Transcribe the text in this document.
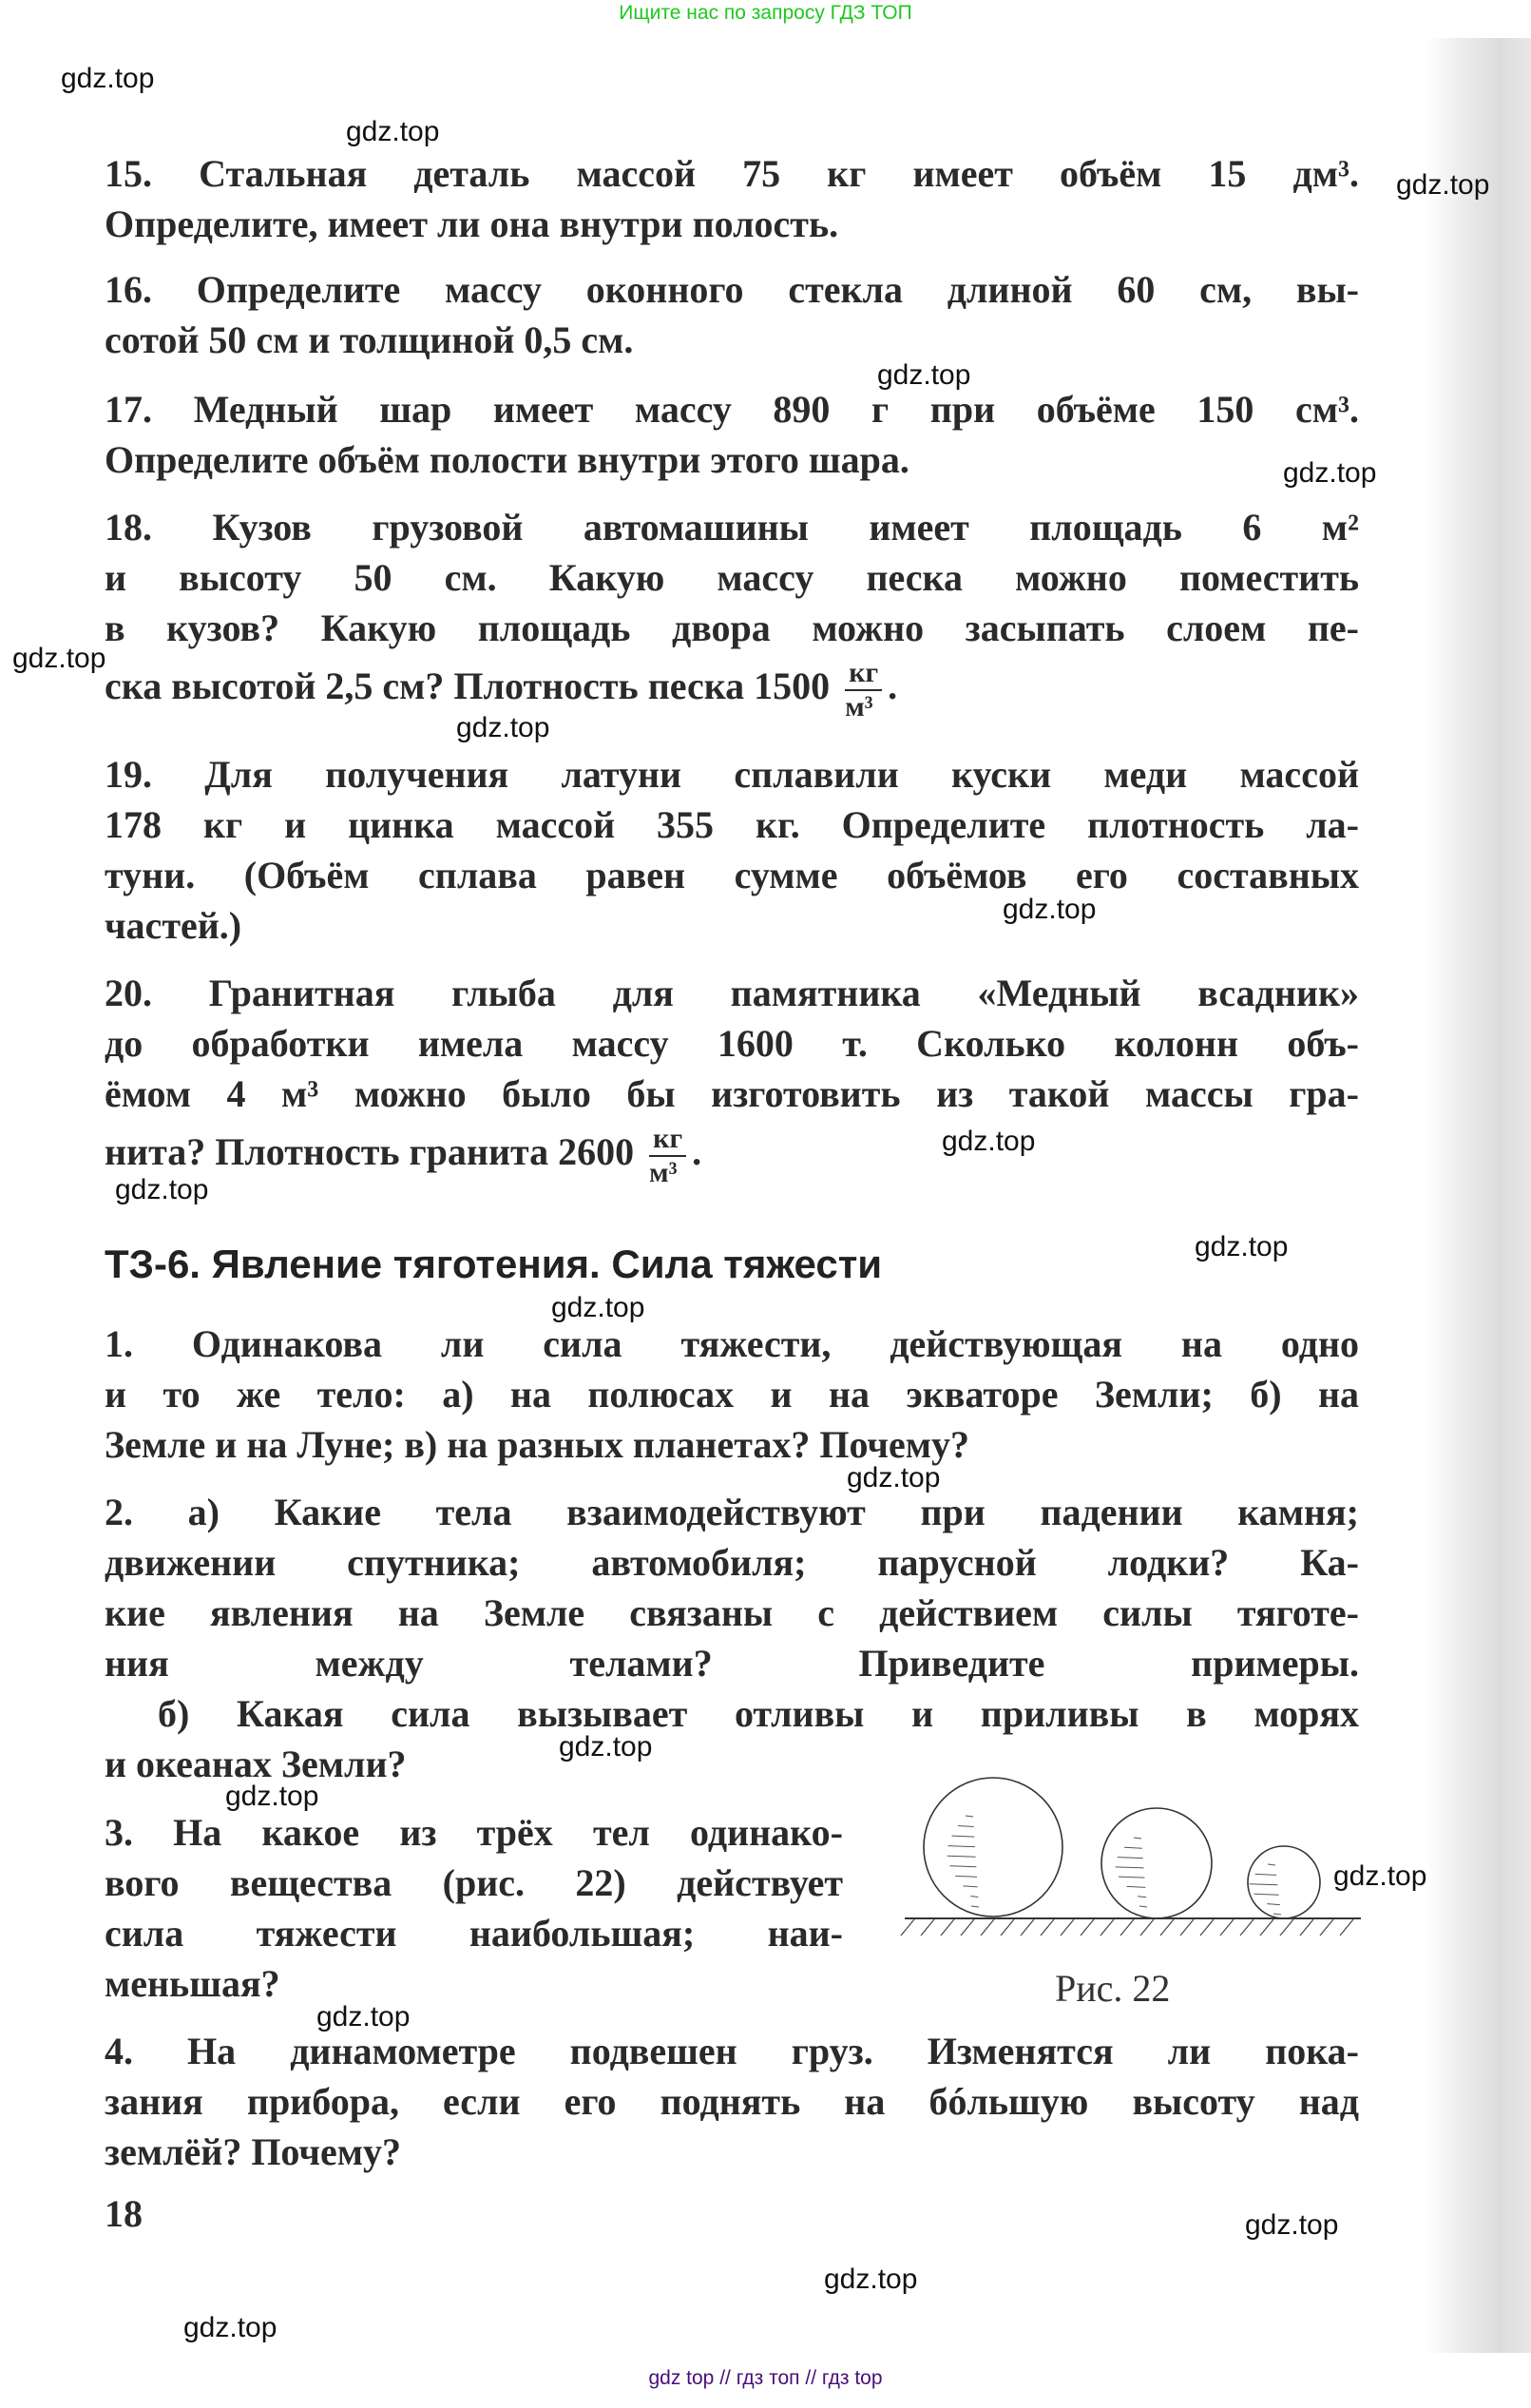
Ищите нас по запросу ГДЗ ТОП
15. Стальная деталь массой 75 кг имеет объём 15 дм³.
Определите, имеет ли она внутри полость.
16. Определите массу оконного стекла длиной 60 см, вы-
сотой 50 см и толщиной 0,5 см.
17. Медный шар имеет массу 890 г при объёме 150 см³.
Определите объём полости внутри этого шара.
18. Кузов грузовой автомашины имеет площадь 6 м²
и высоту 50 см. Какую массу песка можно поместить
в кузов? Какую площадь двора можно засыпать слоем пе-
ска высотой 2,5 см? Плотность песка $1500 \frac{кг}{\text{м³}}$ .
19. Для получения латуни сплавили куски меди массой
178 кг и цинка массой 355 кг. Определите плотность ла-
туни. (Объём сплава равен сумме объёмов его составных
частей.)
20. Гранитная глыба для памятника «Медный всадник»
до обработки имела массу 1600 т. Сколько колонн объ-
ёмом 4 м³ можно было бы изготовить из такой массы гра-
нита? Плотность гранита $2600 \frac{кг}{\text{м³}}$ .
ТЗ-6. Явление тяготения. Сила тяжести
1. Одинакова ли сила тяжести, действующая на одно
и то же тело: а) на полюсах и на экваторе Земли; б) на
Земле и на Луне; в) на разных планетах? Почему?
2. а) Какие тела взаимодействуют при падении камня;
движении спутника; автомобиля; парусной лодки? Ка-
кие явления на Земле связаны с действием силы тяготе-
ния между телами? Приведите примеры.
б) Какая сила вызывает отливы и приливы в морях
и океанах Земли?
3. На какое из трёх тел одинако-
вого вещества (рис. 22) действует
сила тяжести наибольшая; наи-
меньшая?
4. На динамометре подвешен груз. Изменятся ли пока-
зания прибора, если его поднять на бóльшую высоту над
землёй? Почему?
Рис. 22
18
gdz.top
gdz.top
gdz.top
gdz.top
gdz.top
gdz.top
gdz.top
gdz.top
gdz.top
gdz.top
gdz.top
gdz.top
gdz.top
gdz.top
gdz.top
gdz.top
gdz.top
gdz.top
gdz.top
gdz.top
gdz top // гдз топ // гдз top
